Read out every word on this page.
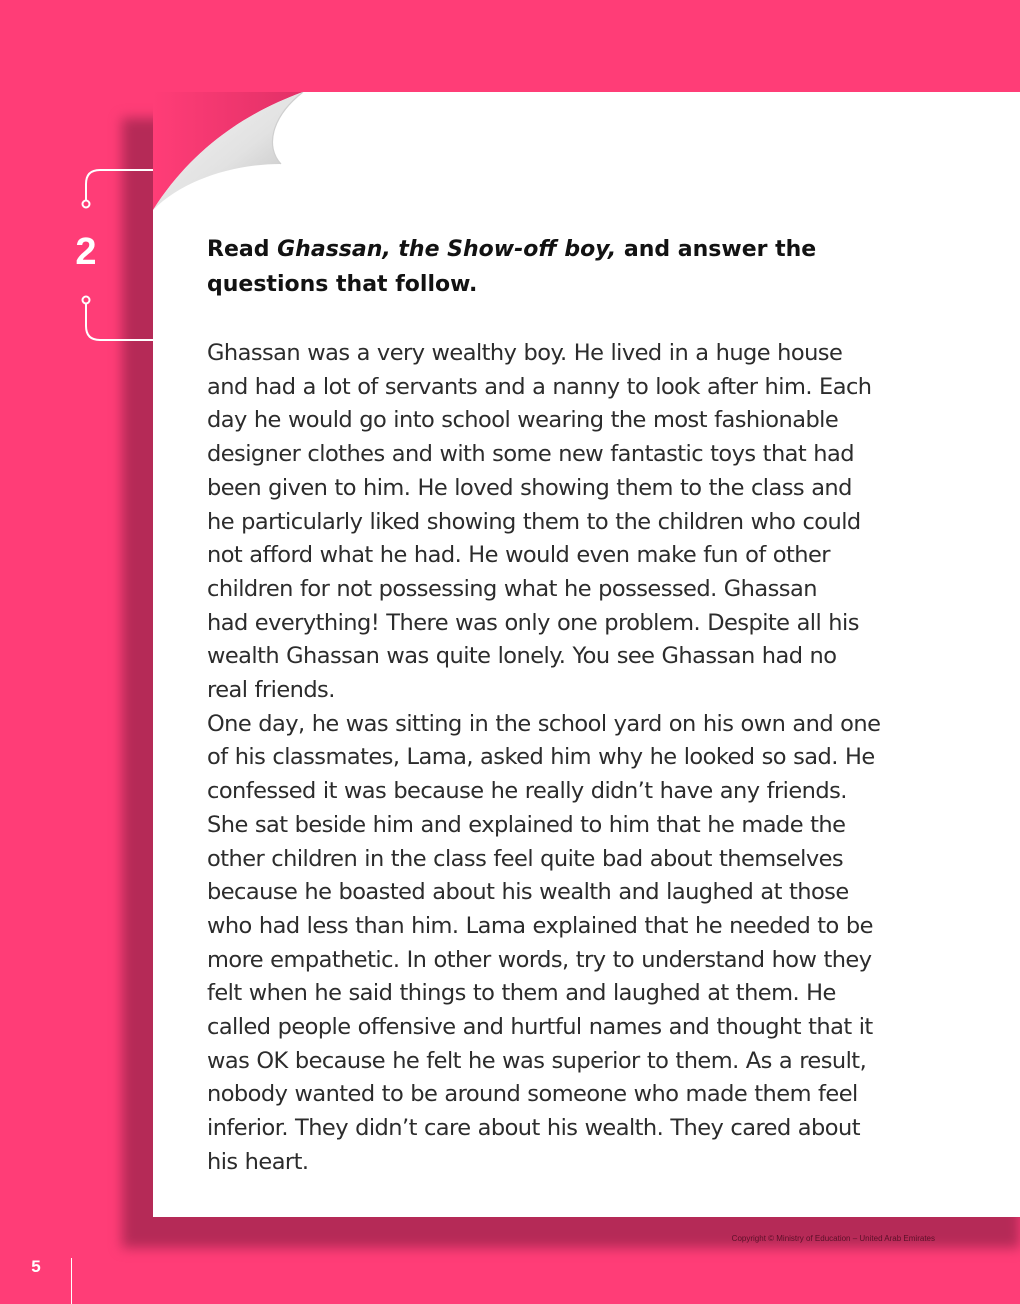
2	Read Ghassan, the Show-off boy, and answer the
questions that follow.
Ghassan was a very wealthy boy. He lived in a huge house
and had a lot of servants and a nanny to look after him. Each
day he would go into school wearing the most fashionable
designer clothes and with some new fantastic toys that had
been given to him. He loved showing them to the class and
he particularly liked showing them to the children who could
not afford what he had. He would even make fun of other
children for not possessing what he possessed. Ghassan
had everything! There was only one problem. Despite all his
wealth Ghassan was quite lonely. You see Ghassan had no
real friends.
One day, he was sitting in the school yard on his own and one
of his classmates, Lama, asked him why he looked so sad. He
confessed it was because he really didn’t have any friends.
She sat beside him and explained to him that he made the
other children in the class feel quite bad about themselves
because he boasted about his wealth and laughed at those
who had less than him. Lama explained that he needed to be
more empathetic. In other words, try to understand how they
felt when he said things to them and laughed at them. He
called people offensive and hurtful names and thought that it
was OK because he felt he was superior to them. As a result,
nobody wanted to be around someone who made them feel
inferior. They didn’t care about his wealth. They cared about
his heart.
Copyright © Ministry of Education – United Arab Emirates
5
